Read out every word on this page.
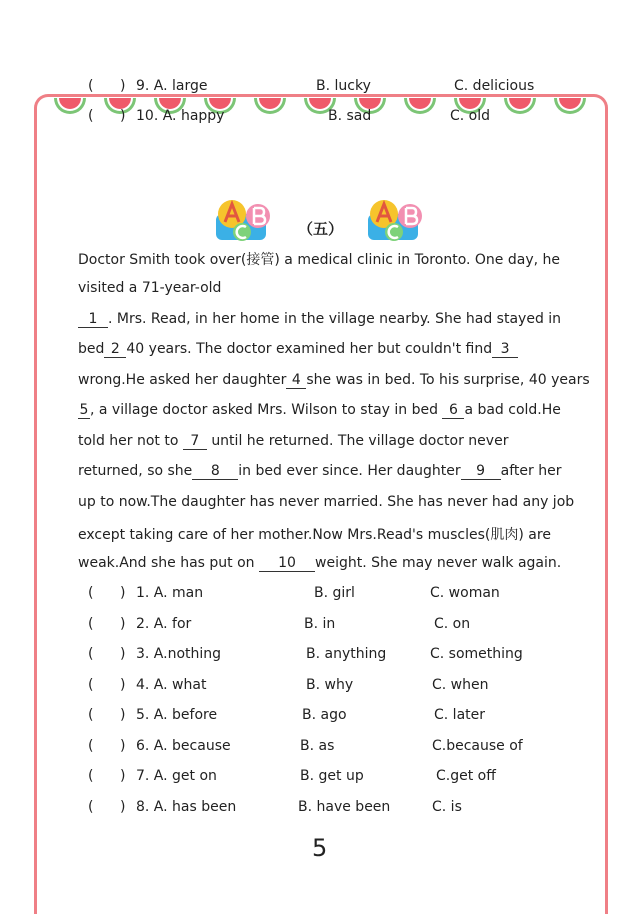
( ) 9. A. large	B. lucky	C. delicious
( ) 10. A. happy	B. sad	C. old
（五）
Doctor Smith took over(接管) a medical clinic in Toronto. One day, he
visited a 71-year-old
1 . Mrs. Read, in her home in the village nearby. She had stayed in
bed 2 40 years. The doctor examined her but couldn't find 3
wrong.He asked her daughter 4 she was in bed. To his surprise, 40 years
5 , a village doctor asked Mrs. Wilson to stay in bed 6 a bad cold.He
told her not to 7 until he returned. The village doctor never
returned, so she 8 in bed ever since. Her daughter 9 after her
up to now.The daughter has never married. She has never had any job
except taking care of her mother.Now Mrs.Read's muscles(肌肉) are
weak.And she has put on 10 weight. She may never walk again.
( ) 1. A. man	B. girl	C. woman
( ) 2. A. for	B. in	C. on
( ) 3. A.nothing	B. anything	C. something
( ) 4. A. what	B. why	C. when
( ) 5. A. before	B. ago	C. later
( ) 6. A. because	B. as	C.because of
( ) 7. A. get on	B. get up	C.get off
( ) 8. A. has been	B. have been	C. is
5
